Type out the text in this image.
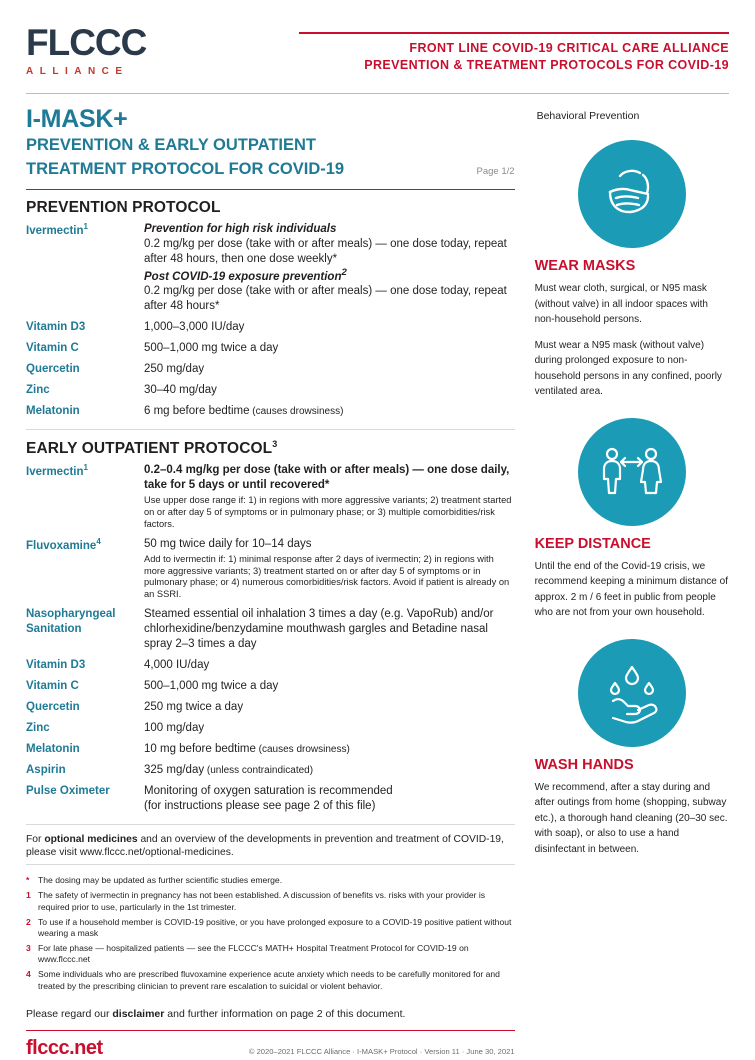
FLCCC
ALLIANCE
FRONT LINE COVID-19 CRITICAL CARE ALLIANCE
PREVENTION & TREATMENT PROTOCOLS FOR COVID-19
I-MASK+
PREVENTION & EARLY OUTPATIENT
TREATMENT PROTOCOL FOR COVID-19	Page 1/2
PREVENTION PROTOCOL
Ivermectin$^1$	Prevention for high risk individuals
0.2 mg/kg per dose (take with or after meals) — one dose today, repeat after 48 hours, then one dose weekly*
Post COVID-19 exposure prevention$^2$
0.2 mg/kg per dose (take with or after meals) — one dose today, repeat after 48 hours*

Vitamin D3	1,000–3,000 IU/day

Vitamin C	500–1,000 mg twice a day

Quercetin	250 mg/day

Zinc	30–40 mg/day

Melatonin	6 mg before bedtime (causes drowsiness)
EARLY OUTPATIENT PROTOCOL$^3$
Ivermectin$^1$	0.2–0.4 mg/kg per dose (take with or after meals) — one dose daily, take for 5 days or until recovered*
Use upper dose range if: 1) in regions with more aggressive variants; 2) treatment started on or after day 5 of symptoms or in pulmonary phase; or 3) multiple comorbidities/risk factors.

Fluvoxamine$^4$	50 mg twice daily for 10–14 days
Add to ivermectin if: 1) minimal response after 2 days of ivermectin; 2) in regions with more aggressive variants; 3) treatment started on or after day 5 of symptoms or in pulmonary phase; or 4) numerous comorbidities/risk factors. Avoid if patient is already on an SSRI.

Nasopharyngeal Sanitation	Steamed essential oil inhalation 3 times a day (e.g. VapoRub) and/or chlorhexidine/benzydamine mouthwash gargles and Betadine nasal spray 2–3 times a day

Vitamin D3	4,000 IU/day

Vitamin C	500–1,000 mg twice a day

Quercetin	250 mg twice a day

Zinc	100 mg/day

Melatonin	10 mg before bedtime (causes drowsiness)

Aspirin	325 mg/day (unless contraindicated)

Pulse Oximeter	Monitoring of oxygen saturation is recommended
(for instructions please see page 2 of this file)
For optional medicines and an overview of the developments in prevention and treatment of COVID-19, please visit www.flccc.net/optional-medicines.
*	The dosing may be updated as further scientific studies emerge.
1 The safety of ivermectin in pregnancy has not been established. A discussion of benefits vs. risks with your provider is required prior to use, particularly in the 1st trimester.
2 To use if a household member is COVID-19 positive, or you have prolonged exposure to a COVID-19 positive patient without wearing a mask
3 For late phase — hospitalized patients — see the FLCCC's MATH+ Hospital Treatment Protocol for COVID-19 on www.flccc.net
4 Some individuals who are prescribed fluvoxamine experience acute anxiety which needs to be carefully monitored for and treated by the prescribing clinician to prevent rare escalation to suicidal or violent behavior.
Please regard our disclaimer and further information on page 2 of this document.
flccc.net	© 2020–2021 FLCCC Alliance · I-MASK+ Protocol · Version 11 · June 30, 2021
Behavioral Prevention
WEAR MASKS
Must wear cloth, surgical, or N95 mask (without valve) in all indoor spaces with non-household persons.
Must wear a N95 mask (without valve) during prolonged exposure to non-household persons in any confined, poorly ventilated area.
KEEP DISTANCE
Until the end of the Covid-19 crisis, we recommend keeping a minimum distance of approx. 2 m / 6 feet in public from people who are not from your own household.
WASH HANDS
We recommend, after a stay during and after outings from home (shopping, subway etc.), a thorough hand cleaning (20–30 sec. with soap), or also to use a hand disinfectant in between.
